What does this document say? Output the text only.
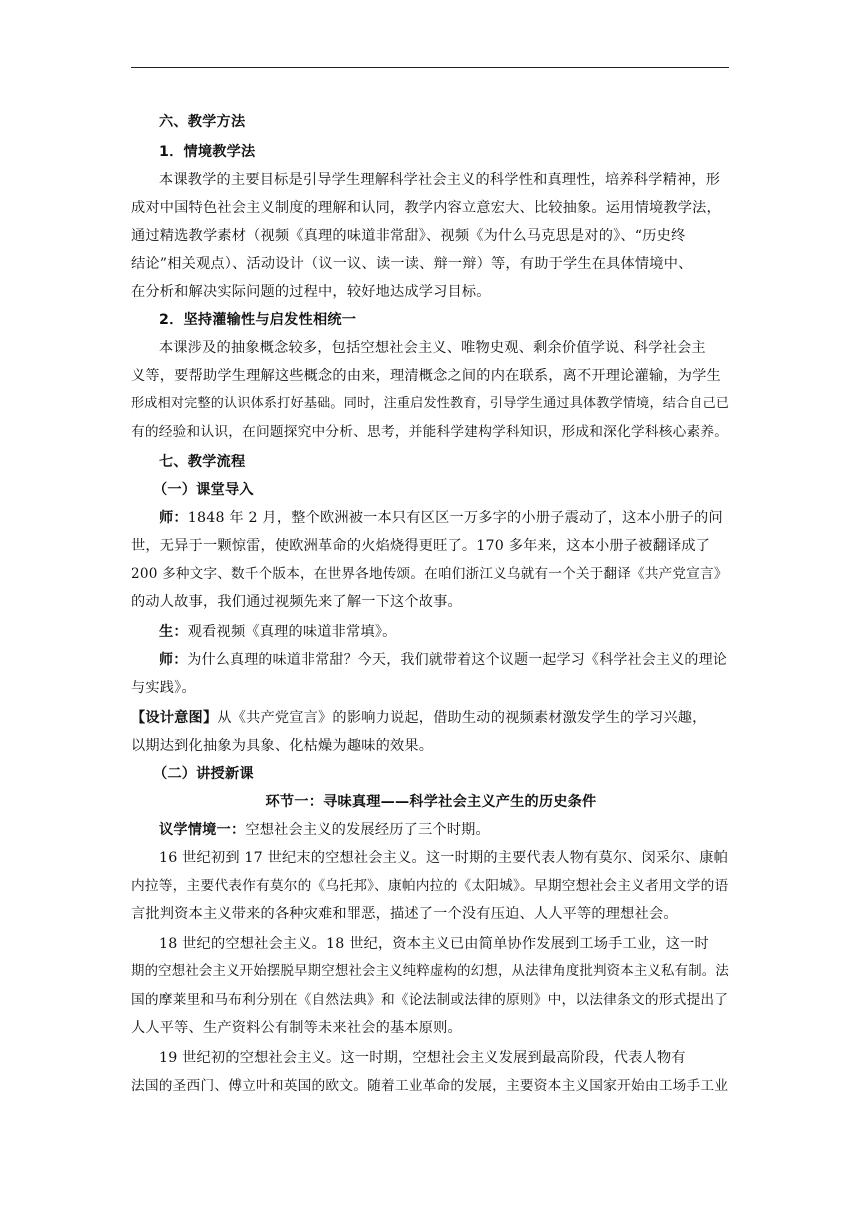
六、教学方法
1．情境教学法
本课教学的主要目标是引导学生理解科学社会主义的科学性和真理性，培养科学精神，形
成对中国特色社会主义制度的理解和认同，教学内容立意宏大、比较抽象。运用情境教学法，
通过精选教学素材（视频《真理的味道非常甜》、视频《为什么马克思是对的》、“历史终
结论”相关观点）、活动设计（议一议、读一读、辩一辩）等，有助于学生在具体情境中、
在分析和解决实际问题的过程中，较好地达成学习目标。
2．坚持灌输性与启发性相统一
本课涉及的抽象概念较多，包括空想社会主义、唯物史观、剩余价值学说、科学社会主
义等，要帮助学生理解这些概念的由来，理清概念之间的内在联系，离不开理论灌输，为学生
形成相对完整的认识体系打好基础。同时，注重启发性教育，引导学生通过具体教学情境，结合自己已
有的经验和认识，在问题探究中分析、思考，并能科学建构学科知识，形成和深化学科核心素养。
七、教学流程
（一）课堂导入
师：1848 年 2 月，整个欧洲被一本只有区区一万多字的小册子震动了，这本小册子的问
世，无异于一颗惊雷，使欧洲革命的火焰烧得更旺了。170 多年来，这本小册子被翻译成了
200 多种文字、数千个版本，在世界各地传颂。在咱们浙江义乌就有一个关于翻译《共产党宣言》
的动人故事，我们通过视频先来了解一下这个故事。
生：观看视频《真理的味道非常填》。
师：为什么真理的味道非常甜？今天，我们就带着这个议题一起学习《科学社会主义的理论
与实践》。
【设计意图】从《共产党宣言》的影响力说起，借助生动的视频素材激发学生的学习兴趣，
以期达到化抽象为具象、化枯燥为趣味的效果。
（二）讲授新课
环节一：寻味真理——科学社会主义产生的历史条件
议学情境一：空想社会主义的发展经历了三个时期。
16 世纪初到 17 世纪末的空想社会主义。这一时期的主要代表人物有莫尔、闵采尔、康帕
内拉等，主要代表作有莫尔的《乌托邦》、康帕内拉的《太阳城》。早期空想社会主义者用文学的语
言批判资本主义带来的各种灾难和罪恶，描述了一个没有压迫、人人平等的理想社会。
18 世纪的空想社会主义。18 世纪，资本主义已由简单协作发展到工场手工业，这一时
期的空想社会主义开始摆脱早期空想社会主义纯粹虚构的幻想，从法律角度批判资本主义私有制。法
国的摩莱里和马布利分别在《自然法典》和《论法制或法律的原则》中，以法律条文的形式提出了
人人平等、生产资料公有制等未来社会的基本原则。
19 世纪初的空想社会主义。这一时期，空想社会主义发展到最高阶段，代表人物有
法国的圣西门、傅立叶和英国的欧文。随着工业革命的发展，主要资本主义国家开始由工场手工业
